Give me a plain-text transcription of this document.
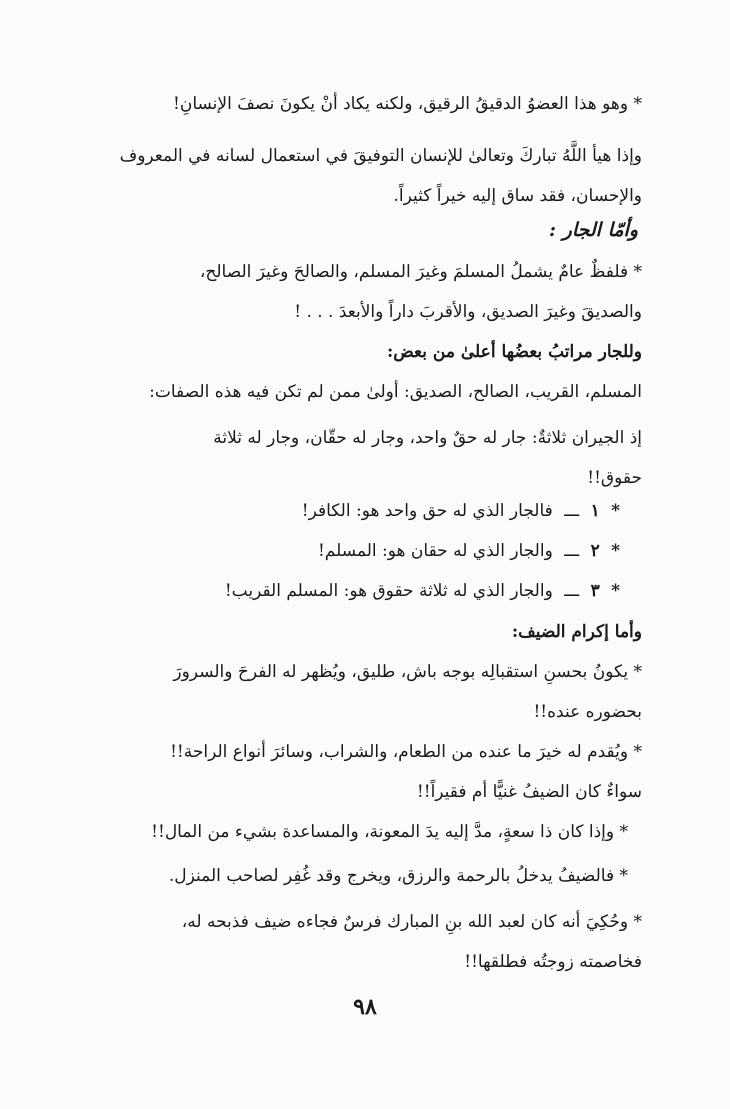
* وهو هذا العضوُ الدقيقُ الرقيق، ولكنه يكاد أنْ يكونَ نصفَ الإنسانِ!

وإذا هيأ اللَّهُ تباركَ وتعالىٰ للإنسان التوفيقَ في استعمال لسانه في المعروف
والإحسان، فقد ساق إليه خيراً كثيراً.

وأمّا الجار :

* فلفظٌ عامٌ يشملُ المسلمَ وغيرَ المسلم، والصالحَ وغيرَ الصالح،
والصديقَ وغيرَ الصديق، والأقربَ داراً والأبعدَ . . . !

وللجار مراتبُ بعضُها أعلىٰ من بعض:

المسلم، القريب، الصالح، الصديق: أولىٰ ممن لم تكن فيه هذه الصفات:

إذ الجيران ثلاثةٌ: جار له حقٌ واحد، وجار له حقّان، وجار له ثلاثة
حقوق!!

* ١ ـــ فالجار الذي له حق واحد هو: الكافر!
* ٢ ـــ والجار الذي له حقان هو: المسلم!
* ٣ ـــ والجار الذي له ثلاثة حقوق هو: المسلم القريب!
وأما إكرام الضيف:

* يكونُ بحسنِ استقبالِه بوجه باش، طليق، ويُظهر له الفرحَ والسرورَ
بحضوره عنده!!

* ويُقدم له خيرَ ما عنده من الطعام، والشراب، وسائرَ أنواع الراحة!!
سواءٌ كان الضيفُ غنيًّا أم فقيراً!!

* وإذا كان ذا سعةٍ، مدَّ إليه يدَ المعونة، والمساعدة بشيء من المال!!

* فالضيفُ يدخلُ بالرحمة والرزق، ويخرج وقد غُفِر لصاحب المنزل.

* وحُكِيَ أنه كان لعبد الله بنِ المبارك فرسٌ فجاءه ضيف فذبحه له،
فخاصمته زوجتُه فطلقها!!

٩٨
